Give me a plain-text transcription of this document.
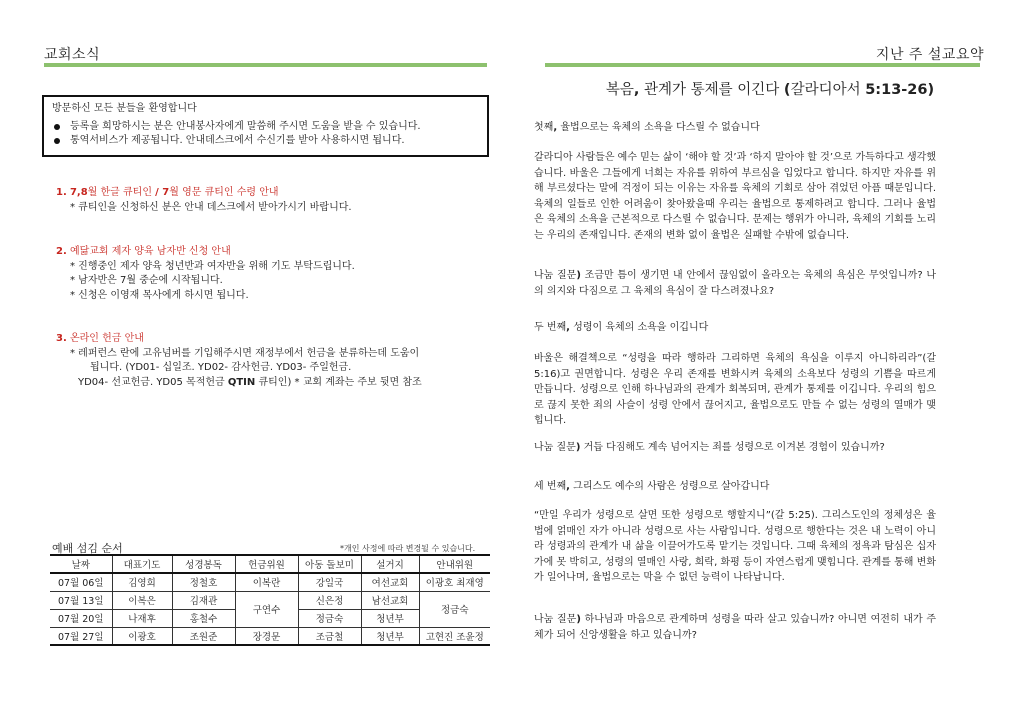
교회소식	지난 주 설교요약
방문하신 모든 분들을 환영합니다
등록을 희망하시는 분은 안내봉사자에게 말씀해 주시면 도움을 받을 수 있습니다.
통역서비스가 제공됩니다. 안내데스크에서 수신기를 받아 사용하시면 됩니다.
1. 7,8월 한글 큐티인 / 7월 영문 큐티인 수령 안내
* 큐티인을 신청하신 분은 안내 데스크에서 받아가시기 바랍니다.
2. 예닮교회 제자 양육 남자반 신청 안내
* 진행중인 제자 양육 청년반과 여자반을 위해 기도 부탁드립니다.
* 남자반은 7월 중순에 시작됩니다.
* 신청은 이영재 목사에게 하시면 됩니다.
3. 온라인 헌금 안내
* 레퍼런스 란에 고유넘버를 기입해주시면 재정부에서 헌금을 분류하는데 도움이
됩니다. (YD01- 십일조. YD02- 감사헌금. YD03- 주일헌금.
YD04- 선교헌금. YD05 목적헌금 QTIN 큐티인) * 교회 계좌는 주보 뒷면 참조
예배 섬김 순서	*개인 사정에 따라 변경될 수 있습니다.
날짜	대표기도	성경봉독	헌금위원	아동 돌보미	설거지	안내위원
07월 06일	김영희	정철호	이복란	강일국	여선교회	이광호 최재영
07월 13일	이복은	김재관	구연수	신은정	남선교회	정금숙
07월 20일	나재후	홍철수		정금숙	청년부	
07월 27일	이광호	조원준	장경문	조금철	청년부	고현진 조윤정
복음, 관계가 통제를 이긴다 (갈라디아서 5:13-26)
첫째, 율법으로는 육체의 소욕을 다스릴 수 없습니다
갈라디아 사람들은 예수 믿는 삶이 ‘해야 할 것’과 ‘하지 말아야 할 것’으로 가득하다고 생각했습니다. 바울은 그들에게 너희는 자유를 위하여 부르심을 입었다고 합니다. 하지만 자유를 위해 부르셨다는 말에 걱정이 되는 이유는 자유를 육체의 기회로 삼아 겪었던 아픔 때문입니다. 육체의 일들로 인한 어려움이 찾아왔을때 우리는 율법으로 통제하려고 합니다. 그러나 율법은 육체의 소욕을 근본적으로 다스릴 수 없습니다. 문제는 행위가 아니라, 육체의 기회를 노리는 우리의 존재입니다. 존재의 변화 없이 율법은 실패할 수밖에 없습니다.
나눔 질문) 조금만 틈이 생기면 내 안에서 끊임없이 올라오는 육체의 욕심은 무엇입니까? 나의 의지와 다짐으로 그 육체의 욕심이 잘 다스려졌나요?
두 번째, 성령이 육체의 소욕을 이깁니다
바울은 해결책으로 “성령을 따라 행하라 그리하면 육체의 욕심을 이루지 아니하리라”(갈 5:16)고 권면합니다. 성령은 우리 존재를 변화시켜 육체의 소욕보다 성령의 기쁨을 따르게 만듭니다. 성령으로 인해 하나님과의 관계가 회복되며, 관계가 통제를 이깁니다. 우리의 힘으로 끊지 못한 죄의 사슬이 성령 안에서 끊어지고, 율법으로도 만들 수 없는 성령의 열매가 맺힙니다.
나눔 질문) 거듭 다짐해도 계속 넘어지는 죄를 성령으로 이겨본 경험이 있습니까?
세 번째, 그리스도 예수의 사람은 성령으로 살아갑니다
“만일 우리가 성령으로 살면 또한 성령으로 행할지니”(갈 5:25). 그리스도인의 정체성은 율법에 얽매인 자가 아니라 성령으로 사는 사람입니다. 성령으로 행한다는 것은 내 노력이 아니라 성령과의 관계가 내 삶을 이끌어가도록 맡기는 것입니다. 그때 육체의 정욕과 탐심은 십자가에 못 박히고, 성령의 열매인 사랑, 희락, 화평 등이 자연스럽게 맺힙니다. 관계를 통해 변화가 일어나며, 율법으로는 막을 수 없던 능력이 나타납니다.
나눔 질문) 하나님과 마음으로 관계하며 성령을 따라 살고 있습니까? 아니면 여전히 내가 주체가 되어 신앙생활을 하고 있습니까?
